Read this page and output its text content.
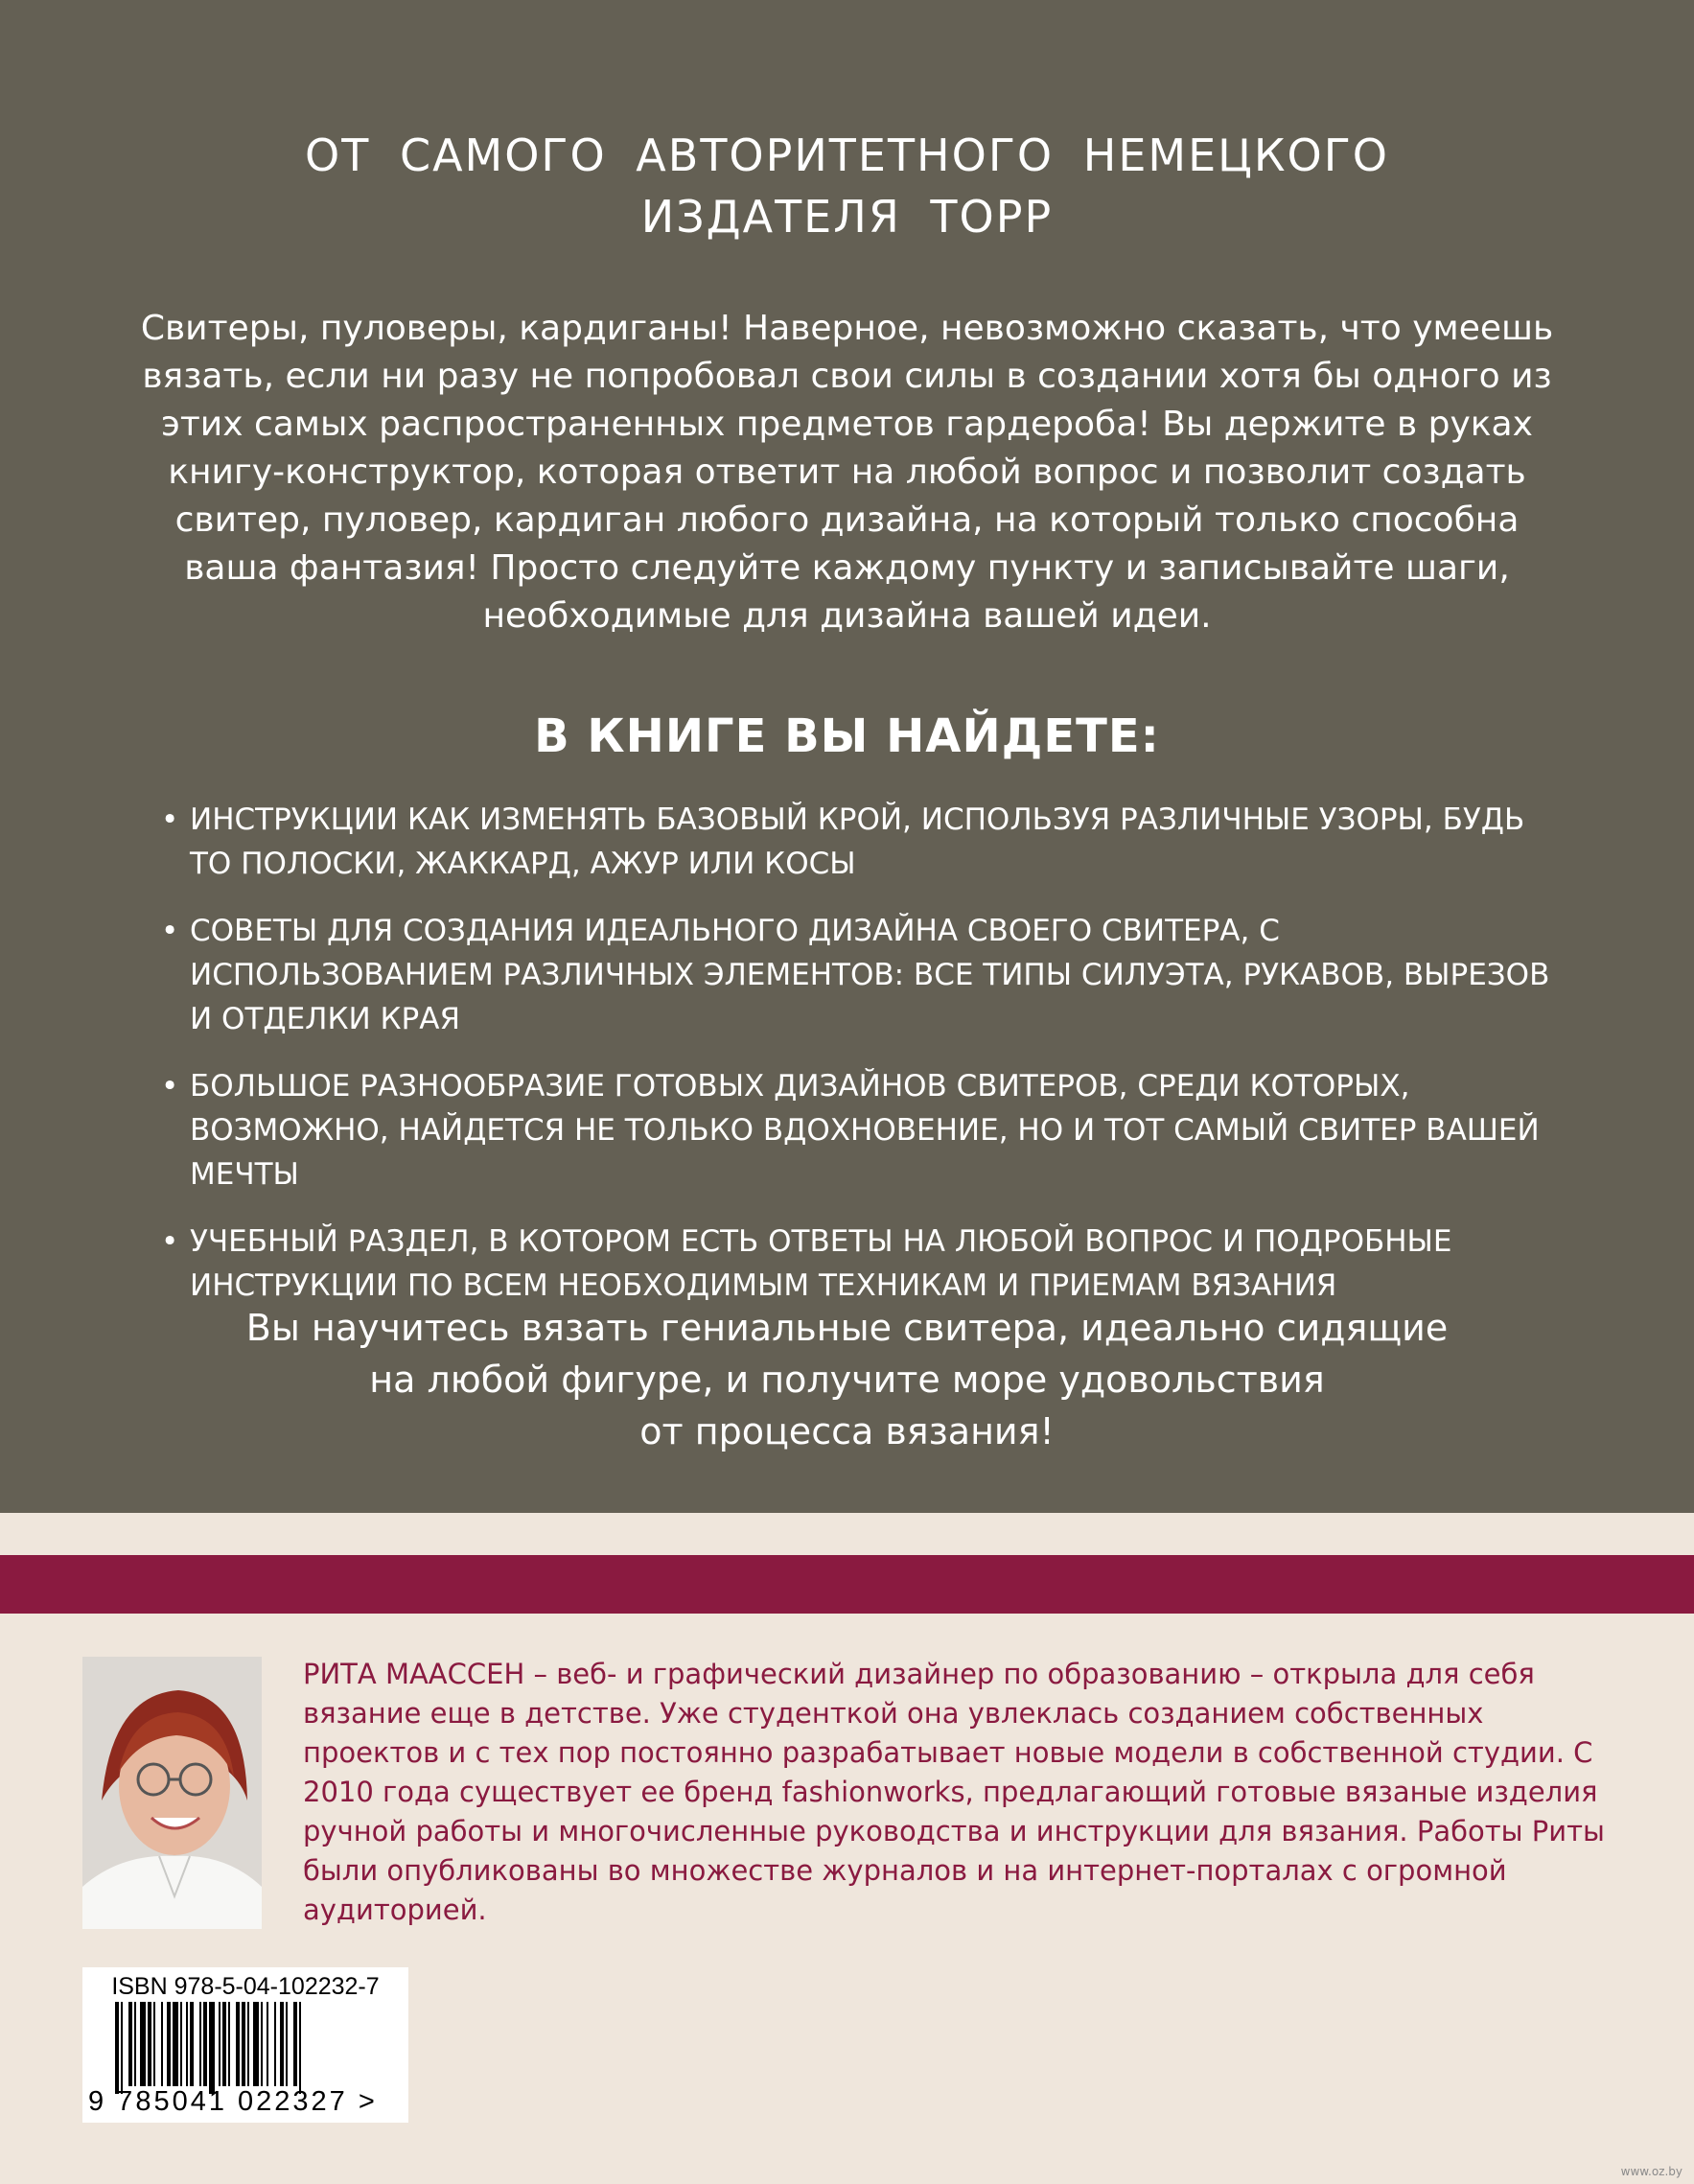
ОТ САМОГО АВТОРИТЕТНОГО НЕМЕЦКОГО
ИЗДАТЕЛЯ TOPP
Свитеры, пуловеры, кардиганы! Наверное, невозможно сказать, что умеешь вязать, если ни разу не попробовал свои силы в создании хотя бы одного из этих самых распространенных предметов гардероба! Вы держите в руках книгу-конструктор, которая ответит на любой вопрос и позволит создать свитер, пуловер, кардиган любого дизайна, на который только способна ваша фантазия! Просто следуйте каждому пункту и записывайте шаги, необходимые для дизайна вашей идеи.
В КНИГЕ ВЫ НАЙДЕТЕ:
• ИНСТРУКЦИИ КАК ИЗМЕНЯТЬ БАЗОВЫЙ КРОЙ, ИСПОЛЬЗУЯ РАЗЛИЧНЫЕ УЗОРЫ, БУДЬ ТО ПОЛОСКИ, ЖАККАРД, АЖУР ИЛИ КОСЫ
• СОВЕТЫ ДЛЯ СОЗДАНИЯ ИДЕАЛЬНОГО ДИЗАЙНА СВОЕГО СВИТЕРА, С ИСПОЛЬЗОВАНИЕМ РАЗЛИЧНЫХ ЭЛЕМЕНТОВ: ВСЕ ТИПЫ СИЛУЭТА, РУКАВОВ, ВЫРЕЗОВ И ОТДЕЛКИ КРАЯ
• БОЛЬШОЕ РАЗНООБРАЗИЕ ГОТОВЫХ ДИЗАЙНОВ СВИТЕРОВ, СРЕДИ КОТОРЫХ, ВОЗМОЖНО, НАЙДЕТСЯ НЕ ТОЛЬКО ВДОХНОВЕНИЕ, НО И ТОТ САМЫЙ СВИТЕР ВАШЕЙ МЕЧТЫ
• УЧЕБНЫЙ РАЗДЕЛ, В КОТОРОМ ЕСТЬ ОТВЕТЫ НА ЛЮБОЙ ВОПРОС И ПОДРОБНЫЕ ИНСТРУКЦИИ ПО ВСЕМ НЕОБХОДИМЫМ ТЕХНИКАМ И ПРИЕМАМ ВЯЗАНИЯ
Вы научитесь вязать гениальные свитера, идеально сидящие
на любой фигуре, и получите море удовольствия
от процесса вязания!
РИТА МААССЕН – веб- и графический дизайнер по образованию – открыла для себя вязание еще в детстве. Уже студенткой она увлеклась созданием собственных проектов и с тех пор постоянно разрабатывает новые модели в собственной студии. С 2010 года существует ее бренд fashionworks, предлагающий готовые вязаные изделия ручной работы и многочисленные руководства и инструкции для вязания. Работы Риты были опубликованы во множестве журналов и на интернет-порталах с огромной аудиторией.
ISBN 978-5-04-102232-7
9 785041 022327 >
www.oz.by
